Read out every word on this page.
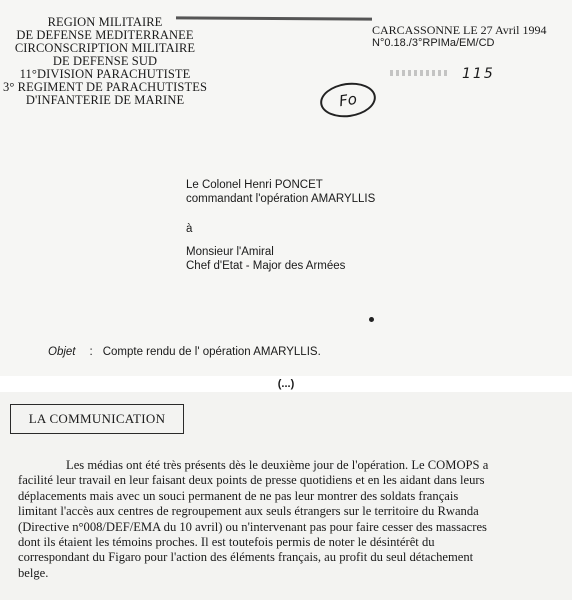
REGION MILITAIRE
DE DEFENSE MEDITERRANEE
CIRCONSCRIPTION MILITAIRE
DE DEFENSE SUD
11°DIVISION PARACHUTISTE
3° REGIMENT DE PARACHUTISTES
D'INFANTERIE DE MARINE
CARCASSONNE LE 27 Avril 1994
N°0.18./3°RPIMa/EM/CD
115
Fo
Le Colonel Henri PONCET
commandant l'opération AMARYLLIS
à
Monsieur l'Amiral
Chef d'Etat - Major des Armées
Objet : Compte rendu de l' opération AMARYLLIS.
(...)
LA COMMUNICATION
Les médias ont été très présents dès le deuxième jour de l'opération. Le COMOPS a
facilité leur travail en leur faisant deux points de presse quotidiens et en les aidant dans leurs
déplacements mais avec un souci permanent de ne pas leur montrer des soldats français
limitant l'accès aux centres de regroupement aux seuls étrangers sur le territoire du Rwanda
(Directive n°008/DEF/EMA du 10 avril) ou n'intervenant pas pour faire cesser des massacres
dont ils étaient les témoins proches. Il est toutefois permis de noter le désintérêt du
correspondant du Figaro pour l'action des éléments français, au profit du seul détachement
belge.
